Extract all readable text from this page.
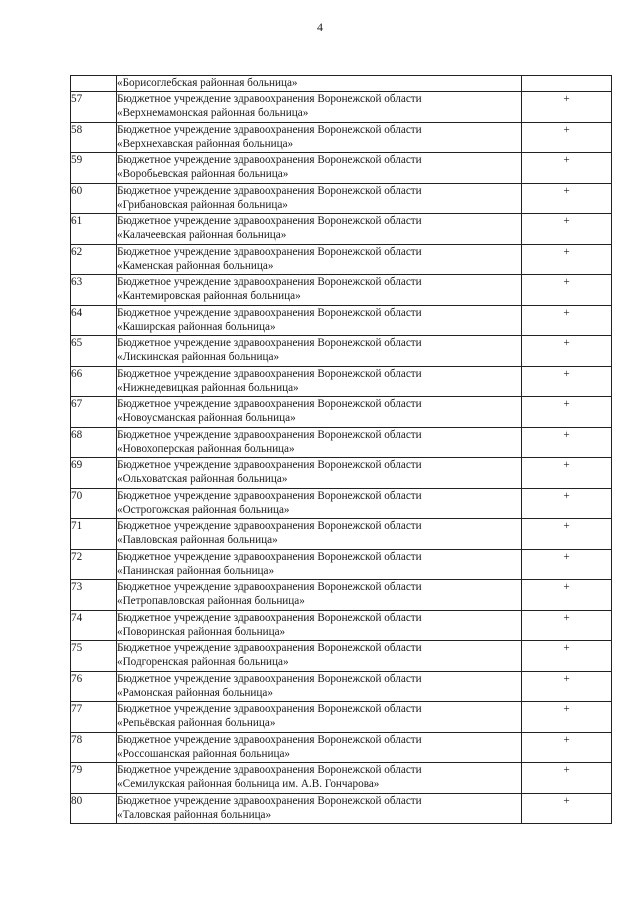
4

	«Борисоглебская районная больница»	

57	Бюджетное учреждение здравоохранения Воронежской области
«Верхнемамонская районная больница»	+
58	Бюджетное учреждение здравоохранения Воронежской области
«Верхнехавская районная больница»	+
59	Бюджетное учреждение здравоохранения Воронежской области
«Воробьевская районная больница»	+
60	Бюджетное учреждение здравоохранения Воронежской области
«Грибановская районная больница»	+
61	Бюджетное учреждение здравоохранения Воронежской области
«Калачеевская районная больница»	+
62	Бюджетное учреждение здравоохранения Воронежской области
«Каменская районная больница»	+
63	Бюджетное учреждение здравоохранения Воронежской области
«Кантемировская районная больница»	+
64	Бюджетное учреждение здравоохранения Воронежской области
«Каширская районная больница»	+
65	Бюджетное учреждение здравоохранения Воронежской области
«Лискинская районная больница»	+
66	Бюджетное учреждение здравоохранения Воронежской области
«Нижнедевицкая районная больница»	+
67	Бюджетное учреждение здравоохранения Воронежской области
«Новоусманская районная больница»	+
68	Бюджетное учреждение здравоохранения Воронежской области
«Новохоперская районная больница»	+
69	Бюджетное учреждение здравоохранения Воронежской области
«Ольховатская районная больница»	+
70	Бюджетное учреждение здравоохранения Воронежской области
«Острогожская районная больница»	+
71	Бюджетное учреждение здравоохранения Воронежской области
«Павловская районная больница»	+
72	Бюджетное учреждение здравоохранения Воронежской области
«Панинская районная больница»	+
73	Бюджетное учреждение здравоохранения Воронежской области
«Петропавловская районная больница»	+
74	Бюджетное учреждение здравоохранения Воронежской области
«Поворинская районная больница»	+
75	Бюджетное учреждение здравоохранения Воронежской области
«Подгоренская районная больница»	+
76	Бюджетное учреждение здравоохранения Воронежской области
«Рамонская районная больница»	+
77	Бюджетное учреждение здравоохранения Воронежской области
«Репьёвская районная больница»	+
78	Бюджетное учреждение здравоохранения Воронежской области
«Россошанская районная больница»	+
79	Бюджетное учреждение здравоохранения Воронежской области
«Семилукская районная больница им. А.В. Гончарова»	+
80	Бюджетное учреждение здравоохранения Воронежской области
«Таловская районная больница»	+
